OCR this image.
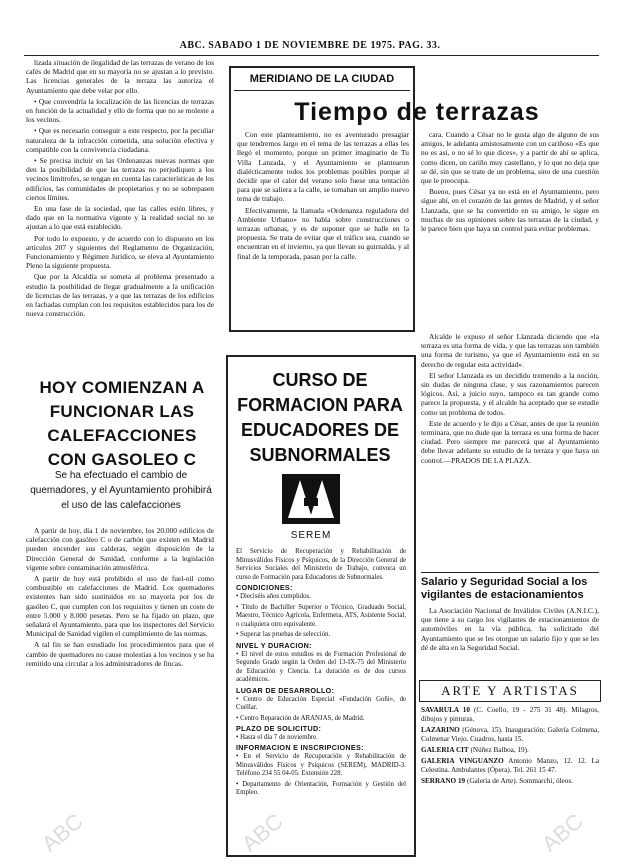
ABC. SABADO 1 DE NOVIEMBRE DE 1975. PAG. 33.

lizada situación de ilegalidad de las terrazas de verano de los cafés de Madrid que en su mayoría no se ajustan a lo previsto. Las licencias generales de la terraza las autoriza el Ayuntamiento que debe velar por ello.

• Que convendría la localización de las licencias de terrazas en función de la actualidad y ello de forma que no se moleste a los vecinos.

• Que es necesario conseguir a este respecto, por la peculiar naturaleza de la infracción cometida, una solución efectiva y compatible con la convivencia ciudadana.

• Se precisa incluir en las Ordenanzas nuevas normas que den la posibilidad de que las terrazas no perjudiquen a los vecinos limítrofes, se tengan en cuenta las características de los edificios, las comunidades de propietarios y no se sobrepasen ciertos límites.

En una fase de la sociedad, que las calles estén libres, y dado que en la normativa vigente y la realidad social no se ajustan a lo que está establecido.

Por todo lo expuesto, y de acuerdo con lo dispuesto en los artículos 207 y siguientes del Reglamento de Organización, Funcionamiento y Régimen Jurídico, se eleva al Ayuntamiento Pleno la siguiente propuesta.

Que por la Alcaldía se someta al problema presentado a estudio la posibilidad de llegar gradualmente a la unificación de licencias de las terrazas, y a que las terrazas de los edificios en fachadas cumplan con los requisitos establecidos para los de nueva construcción.

HOY COMIENZAN A FUNCIONAR LAS CALEFACCIONES CON GASOLEO C
Se ha efectuado el cambio de quemadores, y el Ayuntamiento prohibirá el uso de las calefacciones

A partir de hoy, día 1 de noviembre, los 20.000 edificios de calefacción con gasóleo C o de carbón que existen en Madrid pueden encender sus calderas, según disposición de la Dirección General de Sanidad, conforme a la legislación vigente sobre contaminación atmosférica.

A partir de hoy está prohibido el uso de fuel-oil como combustible en calefacciones de Madrid. Los quemadores existentes han sido sustituidos en su mayoría por los de gasóleo C, que cumplen con los requisitos y tienen un coste de entre 5.000 y 8.000 pesetas. Pero se ha fijado un plazo, que señalará el Ayuntamiento, para que los inspectores del Servicio Municipal de Sanidad vigilen el cumplimiento de las normas.

A tal fin se han estudiado los procedimientos para que el cambio de quemadores no cause molestias a los vecinos y se ha remitido una circular a los administradores de fincas.

MERIDIANO DE LA CIUDAD
Tiempo de terrazas

Con este planteamiento, no es aventurado presagiar que tendremos largo en el tema de las terrazas a ellas les llegó el momento, porque un primer imaginario de Tu Villa Lanzada, y el Ayuntamiento se plantearon dialécticamente todos los problemas posibles porque al decidir que el calor del verano solo fuese una tentación para que se saliera a la calle, se tomaban un amplio nuevo tema de trabajo.

Efectivamente, la llamada «Ordenanza reguladora del Ambiente Urbano» no habla sobre construcciones o terrazas urbanas, y es de suponer que se halle en la propuesta. Se trata de evitar que el tráfico sea, cuando se encuentran en el invierno, ya que llevan su guirnalda, y al final de la temporada, pasan por la calle.

cara. Cuando a César no le gusta algo de alguno de sus amigos, le adelanta amistosamente con un cariñoso «Es que no es así, o no sé lo que dices», y a partir de ahí se aplica, como dicen, un cariño muy castellano, y lo que no deja que se dé, sin que se trate de un problema, sino de una cuestión que le preocupa.

Bueno, pues César ya no está en el Ayuntamiento, pero sigue ahí, en el corazón de las gentes de Madrid, y el señor Llanzada, que se ha convertido en su amigo, le sigue en muchas de sus opiniones sobre las terrazas de la ciudad, y le parece bien que haya un control para evitar problemas.

CURSO DE FORMACION PARA EDUCADORES DE SUBNORMALES
SEREM

El Servicio de Recuperación y Rehabilitación de Minusválidos Físicos y Psíquicos, de la Dirección General de Servicios Sociales del Ministerio de Trabajo, convoca un curso de Formación para Educadores de Subnormales.

CONDICIONES:

• Dieciséis años cumplidos.

• Título de Bachiller Superior o Técnico, Graduado Social, Maestro, Técnico Agrícola, Enfermera, ATS, Asistente Social, o cualquiera otro equivalente.

• Superar las pruebas de selección.

NIVEL Y DURACION:

• El nivel de estos estudios es de Formación Profesional de Segundo Grado según la Orden del 13-IX-75 del Ministerio de Educación y Ciencia. La duración es de dos cursos académicos.

LUGAR DE DESARROLLO:

• Centro de Educación Especial «Fundación Goñi», de Cuéllar.

• Centro Reparación de ARANJAS, de Madrid.

PLAZO DE SOLICITUD:

• Hasta el día 7 de noviembre.

INFORMACION E INSCRIPCIONES:

• En el Servicio de Recuperación y Rehabilitación de Minusválidos Físicos y Psíquicos (SEREM), MADRID-3. Teléfono 234 55 04-05. Extensión 228.

• Departamento de Orientación, Formación y Gestión del Empleo.

Alcalde le expuso el señor Llanzada diciendo que «la terraza es una forma de vida, y que las terrazas son también una forma de turismo, ya que el Ayuntamiento está en su derecho de regular esta actividad».

El señor Llanzada es un decidido tremendo a la noción, sin dudas de ninguna clase, y sus razonamientos parecen lógicos. Así, a juicio suyo, tampoco es tan grande como parece la propuesta, y el alcalde ha aceptado que se estudie como un problema de todos.

Este de acuerdo y le dijo a César, antes de que la reunión terminara, que no dude que la terraza es una forma de hacer ciudad. Pero siempre me parecerá que al Ayuntamiento debe llevar adelante su estudio de la terraza y que haya un control.—PRADOS DE LA PLAZA.

Salario y Seguridad Social a los vigilantes de estacionamientos

La Asociación Nacional de Inválidos Civiles (A.N.I.C.), que tiene a su cargo los vigilantes de estacionamientos de automóviles en la vía pública, ha solicitado del Ayuntamiento que se les otorgue un salario fijo y que se les dé de alta en la Seguridad Social.

ARTE Y ARTISTAS

SAVARULA 10 (C. Coello, 19 - 275 31 48). Milagros, dibujos y pinturas.

LAZARINO (Génova, 15). Inauguración: Galería Colmena, Colmenar Viejo. Cuadros, hasta 15.

GALERIA CIT (Núñez Balboa, 19).

GALERIA VINGUANZO Antonio Manzo, 12. 12. La Celestina. Ambulantes (Ópera). Tel. 261 15 47.

SERRANO 19 (Galería de Arte). Sommarchi, óleos.

ABC	ABC	ABC
